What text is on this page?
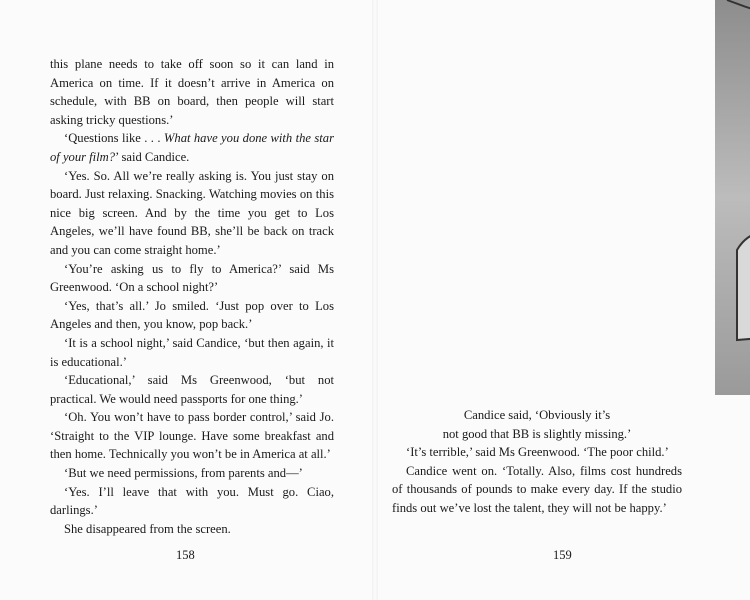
this plane needs to take off soon so it can land in America on time. If it doesn’t arrive in America on schedule, with BB on board, then people will start asking tricky questions.’

‘Questions like . . . What have you done with the star of your film?’ said Candice.

‘Yes. So. All we’re really asking is. You just stay on board. Just relaxing. Snacking. Watching movies on this nice big screen. And by the time you get to Los Angeles, we’ll have found BB, she’ll be back on track and you can come straight home.’

‘You’re asking us to fly to America?’ said Ms Greenwood. ‘On a school night?’

‘Yes, that’s all.’ Jo smiled. ‘Just pop over to Los Angeles and then, you know, pop back.’

‘It is a school night,’ said Candice, ‘but then again, it is educational.’

‘Educational,’ said Ms Greenwood, ‘but not practical. We would need passports for one thing.’

‘Oh. You won’t have to pass border control,’ said Jo. ‘Straight to the VIP lounge. Have some breakfast and then home. Technically you won’t be in America at all.’

‘But we need permissions, from parents and—’

‘Yes. I’ll leave that with you. Must go. Ciao, darlings.’

She disappeared from the screen.

158

Candice said, ‘Obviously it’s

not good that BB is slightly missing.’

‘It’s terrible,’ said Ms Greenwood. ‘The poor child.’

Candice went on. ‘Totally. Also, films cost hundreds of thousands of pounds to make every day. If the studio finds out we’ve lost the talent, they will not be happy.’

159
